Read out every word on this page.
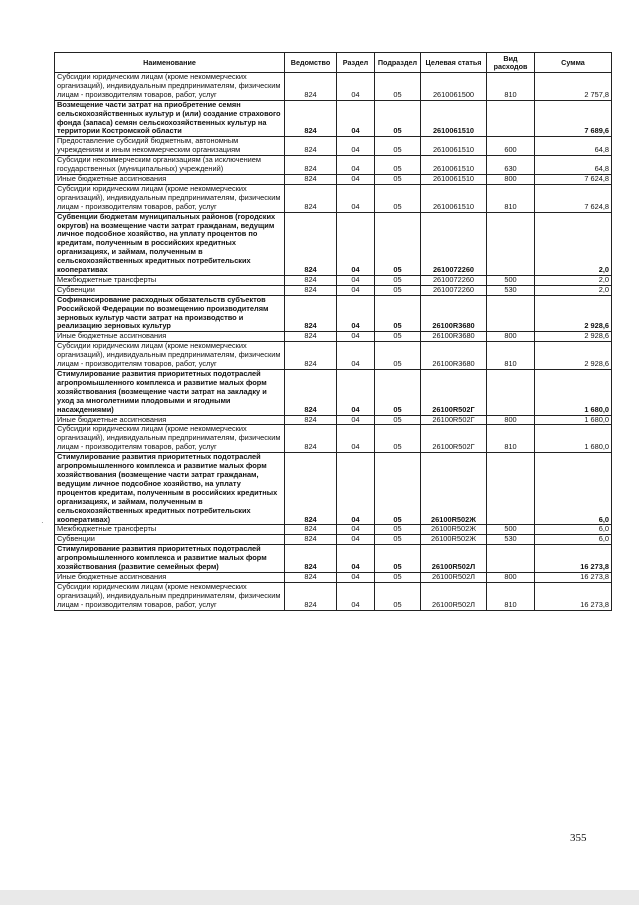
Наименование	Ведомство	Раздел	Подраздел	Целевая статья	Вид расходов	Сумма
Субсидии юридическим лицам (кроме некоммерческих организаций), индивидуальным предпринимателям, физическим лицам - производителям товаров, работ, услуг	824	04	05	2610061500	810	2 757,8
Возмещение части затрат на приобретение семян сельскохозяйственных культур и (или) создание страхового фонда (запаса) семян сельскохозяйственных культур на территории Костромской области	824	04	05	2610061510		7 689,6
Предоставление субсидий бюджетным, автономным учреждениям и иным некоммерческим организациям	824	04	05	2610061510	600	64,8
Субсидии некоммерческим организациям (за исключением государственных (муниципальных) учреждений)	824	04	05	2610061510	630	64,8
Иные бюджетные ассигнования	824	04	05	2610061510	800	7 624,8
Субсидии юридическим лицам (кроме некоммерческих организаций), индивидуальным предпринимателям, физическим лицам - производителям товаров, работ, услуг	824	04	05	2610061510	810	7 624,8
Субвенции бюджетам муниципальных районов (городских округов) на возмещение части затрат гражданам, ведущим личное подсобное хозяйство, на уплату процентов по кредитам, полученным в российских кредитных организациях, и займам, полученным в сельскохозяйственных кредитных потребительских кооперативах	824	04	05	2610072260		2,0
Межбюджетные трансферты	824	04	05	2610072260	500	2,0
Субвенции	824	04	05	2610072260	530	2,0
Софинансирование расходных обязательств субъектов Российской Федерации по возмещению производителям зерновых культур части затрат на производство и реализацию зерновых культур	824	04	05	26100R3680		2 928,6
Иные бюджетные ассигнования	824	04	05	26100R3680	800	2 928,6
Субсидии юридическим лицам (кроме некоммерческих организаций), индивидуальным предпринимателям, физическим лицам - производителям товаров, работ, услуг	824	04	05	26100R3680	810	2 928,6
Стимулирование развития приоритетных подотраслей агропромышленного комплекса и развитие малых форм хозяйствования (возмещение части затрат на закладку и уход за многолетними плодовыми и ягодными насаждениями)	824	04	05	26100R502Г		1 680,0
Иные бюджетные ассигнования	824	04	05	26100R502Г	800	1 680,0
Субсидии юридическим лицам (кроме некоммерческих организаций), индивидуальным предпринимателям, физическим лицам - производителям товаров, работ, услуг	824	04	05	26100R502Г	810	1 680,0
Стимулирование развития приоритетных подотраслей агропромышленного комплекса и развитие малых форм хозяйствования (возмещение части затрат гражданам, ведущим личное подсобное хозяйство, на уплату процентов кредитам, полученным в российских кредитных организациях, и займам, полученным в сельскохозяйственных кредитных потребительских кооперативах)	824	04	05	26100R502Ж		6,0
Межбюджетные трансферты	824	04	05	26100R502Ж	500	6,0
Субвенции	824	04	05	26100R502Ж	530	6,0
Стимулирование развития приоритетных подотраслей агропромышленного комплекса и развитие малых форм хозяйствования (развитие семейных ферм)	824	04	05	26100R502Л		16 273,8
Иные бюджетные ассигнования	824	04	05	26100R502Л	800	16 273,8
Субсидии юридическим лицам (кроме некоммерческих организаций), индивидуальным предпринимателям, физическим лицам - производителям товаров, работ, услуг	824	04	05	26100R502Л	810	16 273,8
·
355
